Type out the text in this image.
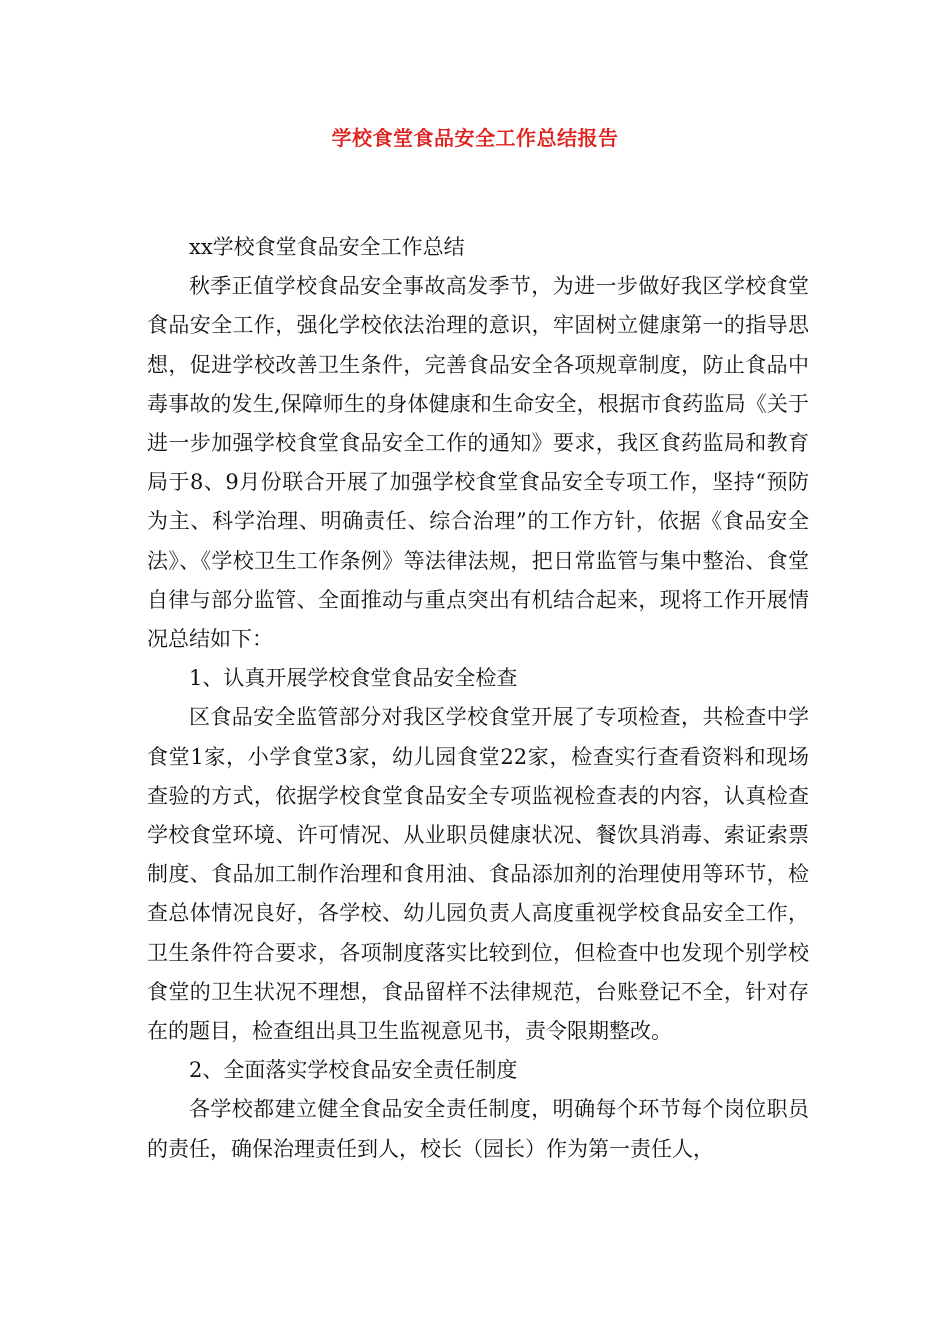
学校食堂食品安全工作总结报告

xx学校食堂食品安全工作总结

秋季正值学校食品安全事故高发季节，为进一步做好我区学校食堂食品安全工作，强化学校依法治理的意识，牢固树立健康第一的指导思想，促进学校改善卫生条件，完善食品安全各项规章制度，防止食品中毒事故的发生,保障师生的身体健康和生命安全，根据市食药监局《关于进一步加强学校食堂食品安全工作的通知》要求，我区食药监局和教育局于8、9月份联合开展了加强学校食堂食品安全专项工作，坚持“预防为主、科学治理、明确责任、综合治理”的工作方针，依据《食品安全法》、《学校卫生工作条例》等法律法规，把日常监管与集中整治、食堂自律与部分监管、全面推动与重点突出有机结合起来，现将工作开展情况总结如下：

1、认真开展学校食堂食品安全检查

区食品安全监管部分对我区学校食堂开展了专项检查，共检查中学食堂1家，小学食堂3家，幼儿园食堂22家，检查实行查看资料和现场查验的方式，依据学校食堂食品安全专项监视检查表的内容，认真检查学校食堂环境、许可情况、从业职员健康状况、餐饮具消毒、索证索票制度、食品加工制作治理和食用油、食品添加剂的治理使用等环节，检查总体情况良好，各学校、幼儿园负责人高度重视学校食品安全工作，卫生条件符合要求，各项制度落实比较到位，但检查中也发现个别学校食堂的卫生状况不理想，食品留样不法律规范，台账登记不全，针对存在的题目，检查组出具卫生监视意见书，责令限期整改。

2、全面落实学校食品安全责任制度

各学校都建立健全食品安全责任制度，明确每个环节每个岗位职员的责任，确保治理责任到人，校长（园长）作为第一责任人，
